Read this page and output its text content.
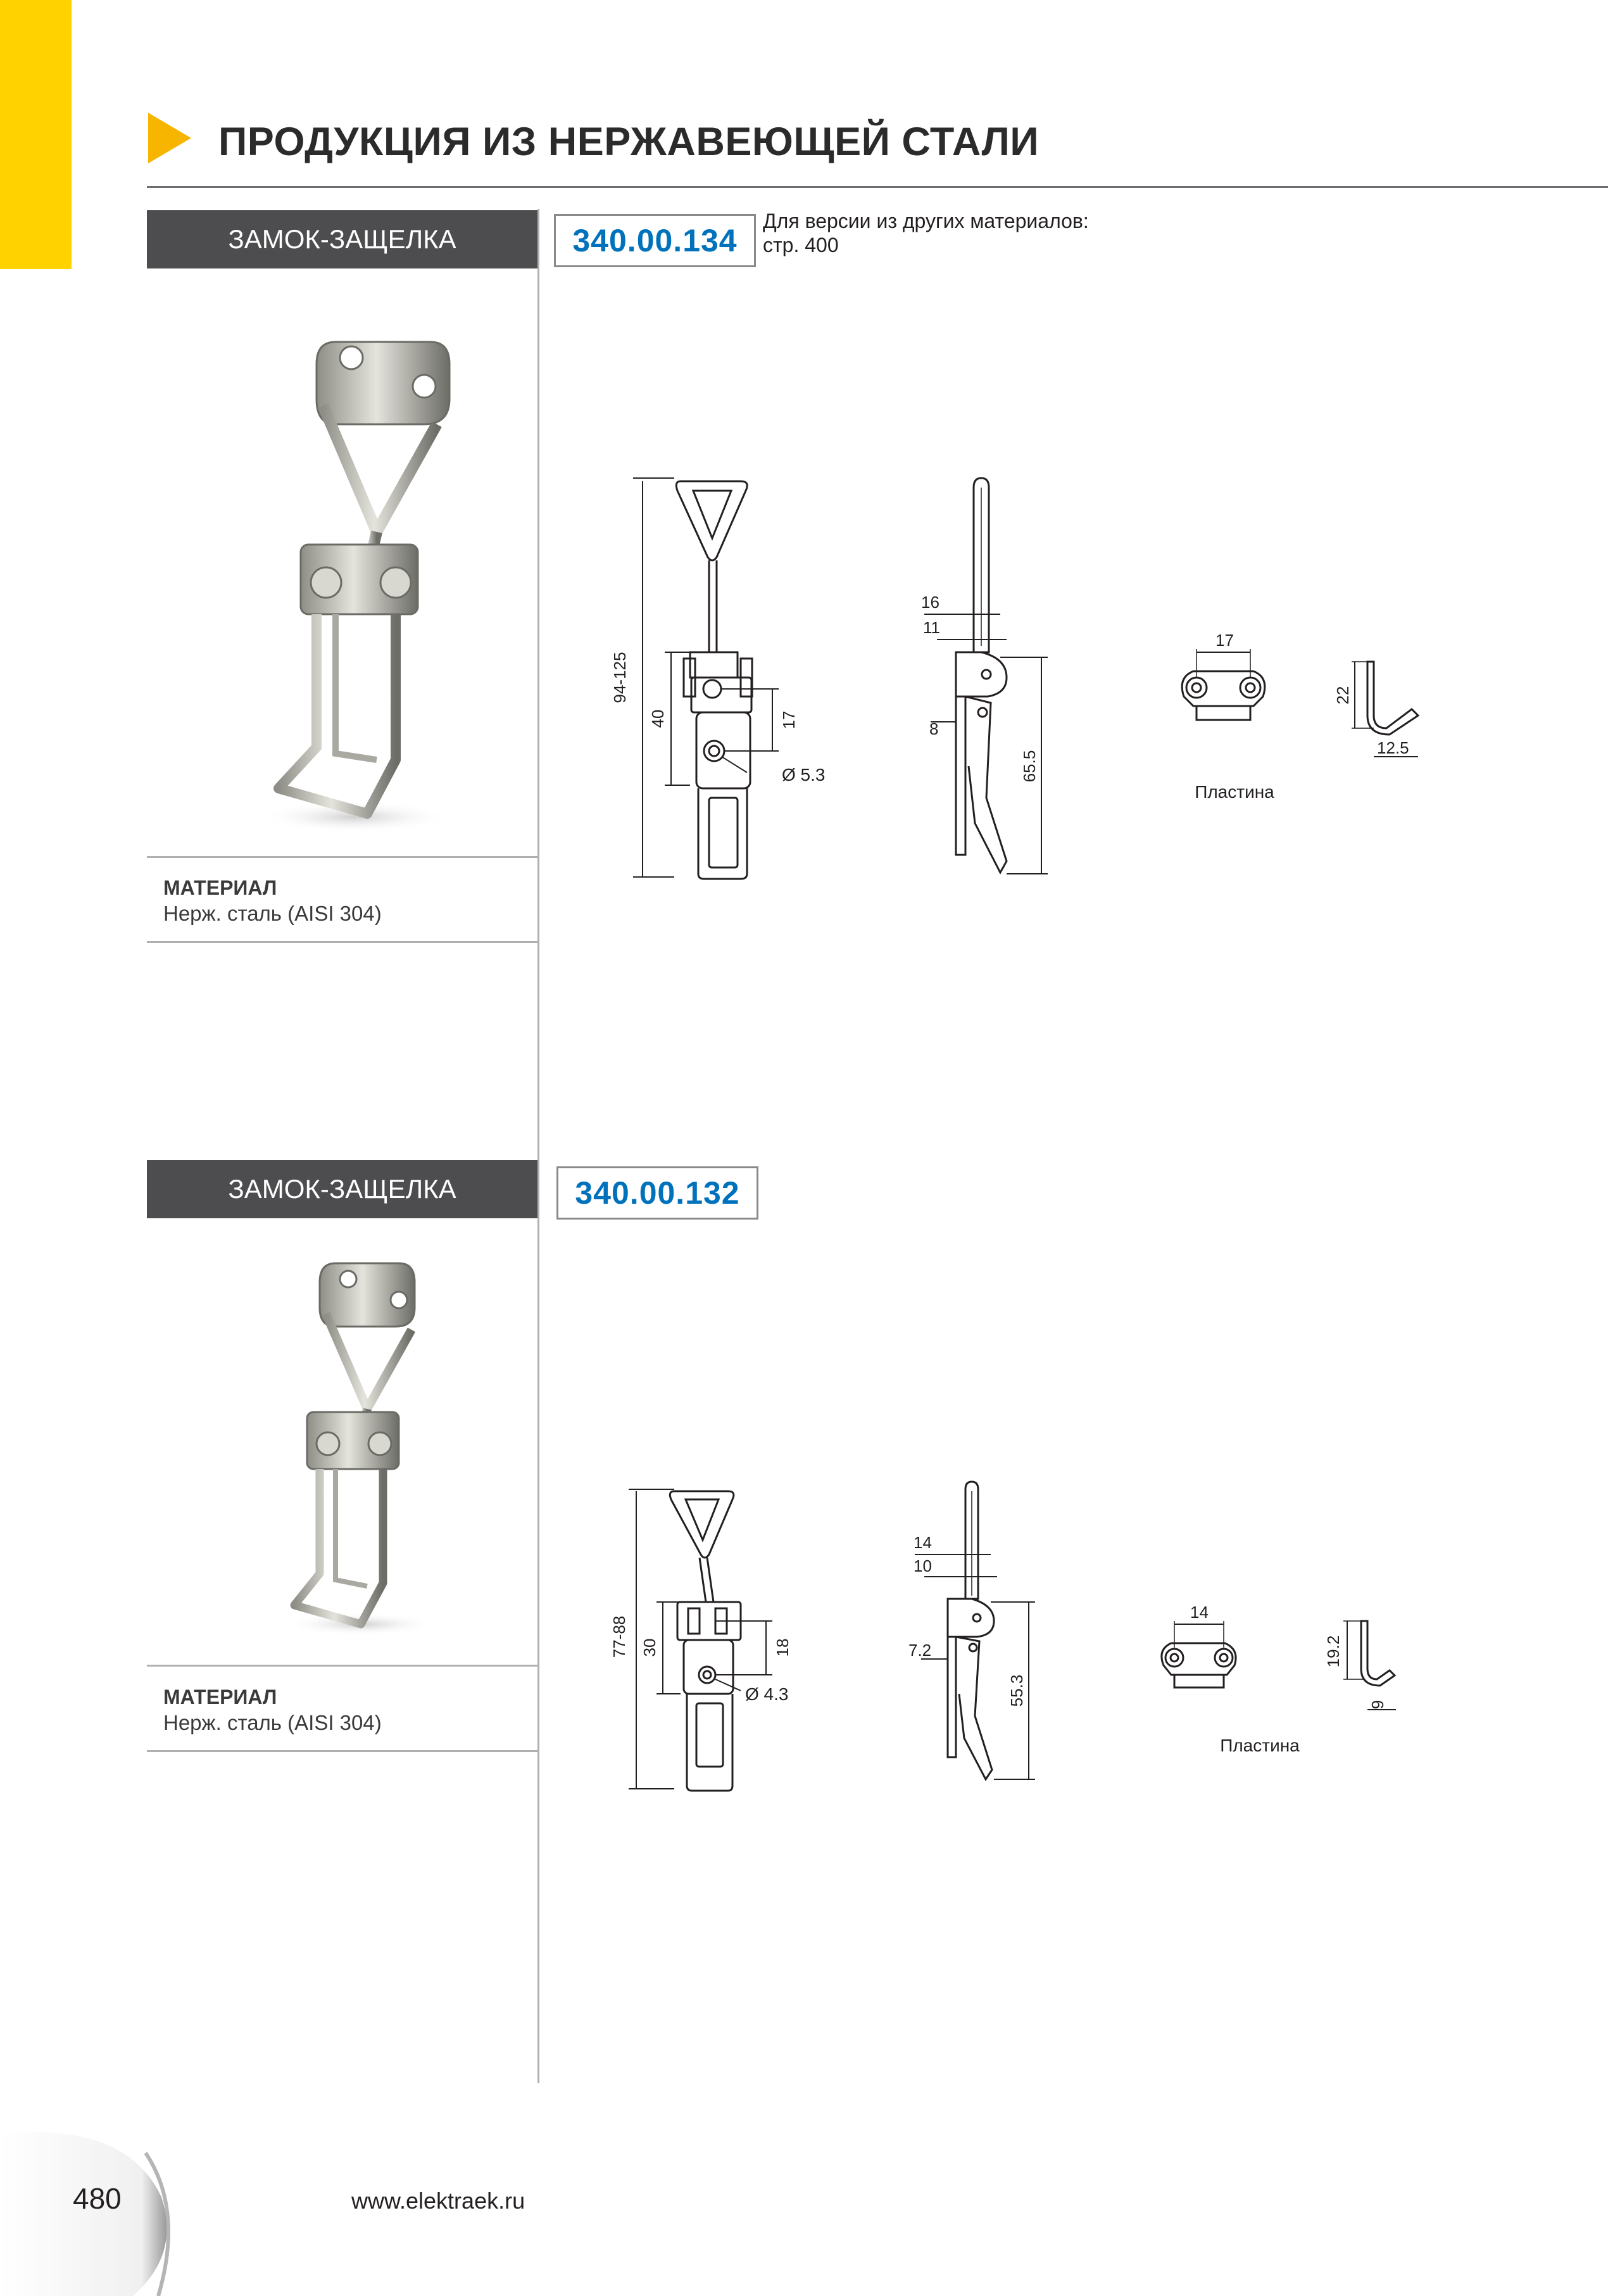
ПРОДУКЦИЯ ИЗ НЕРЖАВЕЮЩЕЙ СТАЛИ
ЗАМОК-ЗАЩЕЛКА	340.00.134
Для версии из других материалов: стр. 400
МАТЕРИАЛ
Нерж. сталь (AISI 304)
94-125
40	17
Ø 5.3
16
11
8
65.5
17
22
12.5
Пластина
ЗАМОК-ЗАЩЕЛКА	340.00.132
МАТЕРИАЛ
Нерж. сталь (AISI 304)
77-88 30	18
Ø 4.3
14
10
7.2
55.3
14
19.2
9
Пластина
480	www.elektraek.ru
